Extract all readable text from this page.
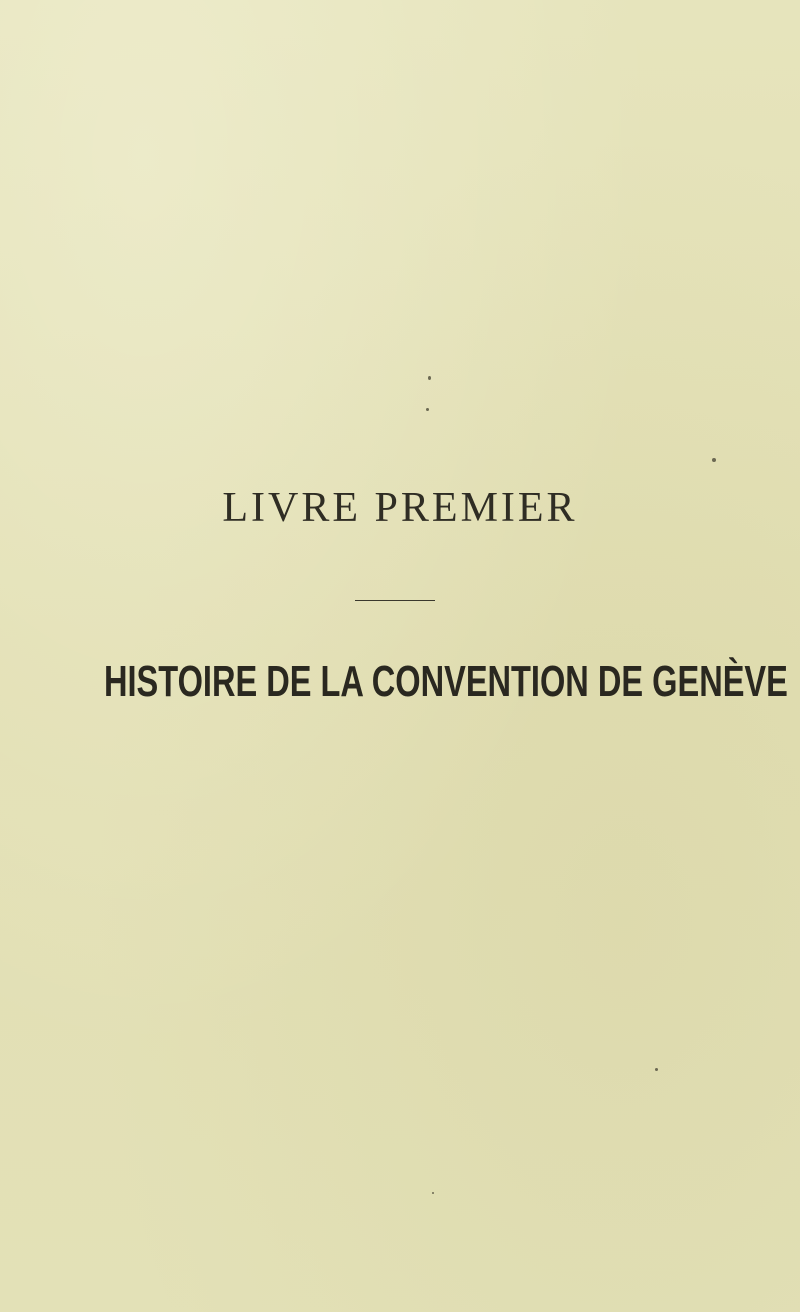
LIVRE PREMIER
HISTOIRE DE LA CONVENTION DE GENÈVE
